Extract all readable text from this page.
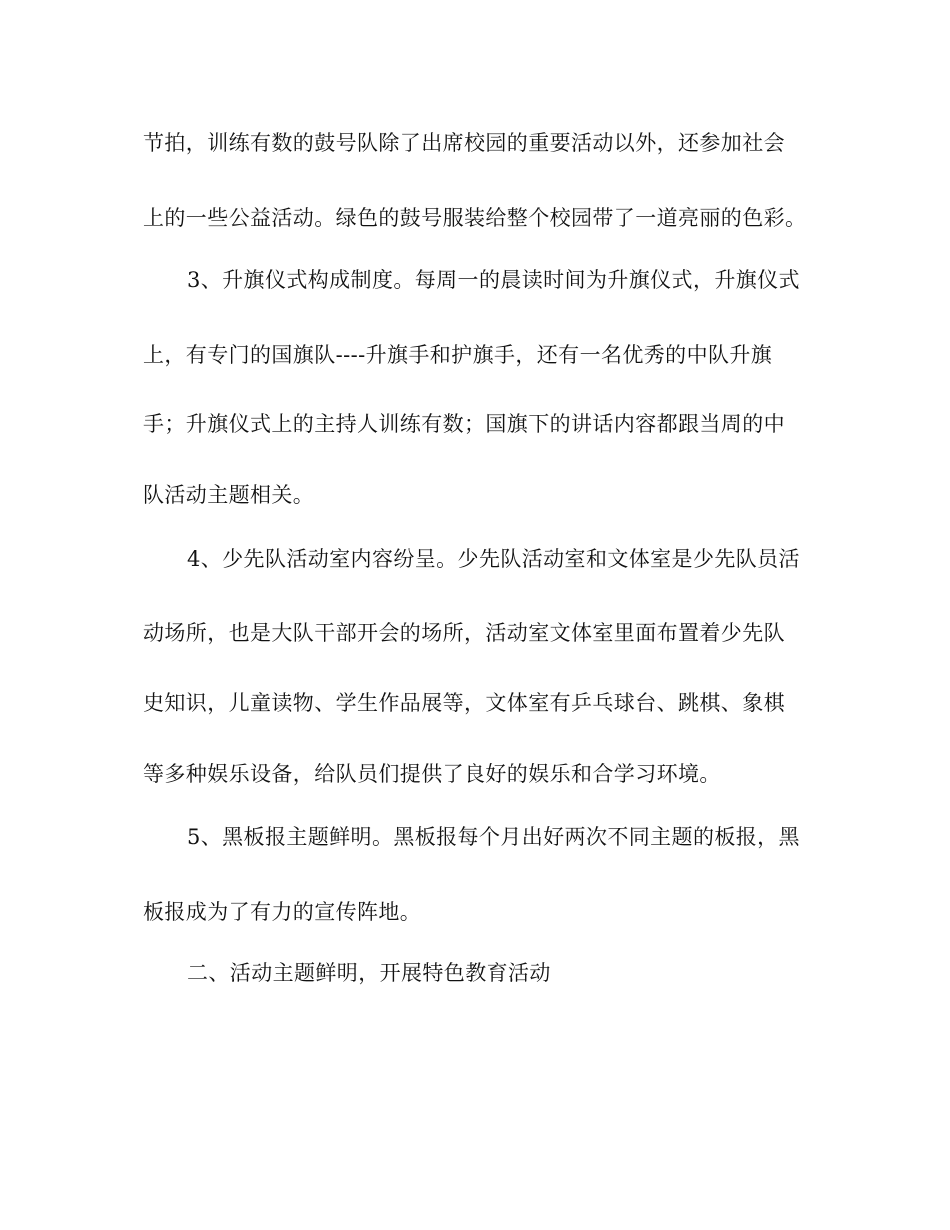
节拍，训练有数的鼓号队除了出席校园的重要活动以外，还参加社会
上的一些公益活动。绿色的鼓号服装给整个校园带了一道亮丽的色彩。
3、升旗仪式构成制度。每周一的晨读时间为升旗仪式，升旗仪式
上，有专门的国旗队----升旗手和护旗手，还有一名优秀的中队升旗
手；升旗仪式上的主持人训练有数；国旗下的讲话内容都跟当周的中
队活动主题相关。
4、少先队活动室内容纷呈。少先队活动室和文体室是少先队员活
动场所，也是大队干部开会的场所，活动室文体室里面布置着少先队
史知识，儿童读物、学生作品展等，文体室有乒乓球台、跳棋、象棋
等多种娱乐设备，给队员们提供了良好的娱乐和合学习环境。
5、黑板报主题鲜明。黑板报每个月出好两次不同主题的板报，黑
板报成为了有力的宣传阵地。
二、活动主题鲜明，开展特色教育活动
